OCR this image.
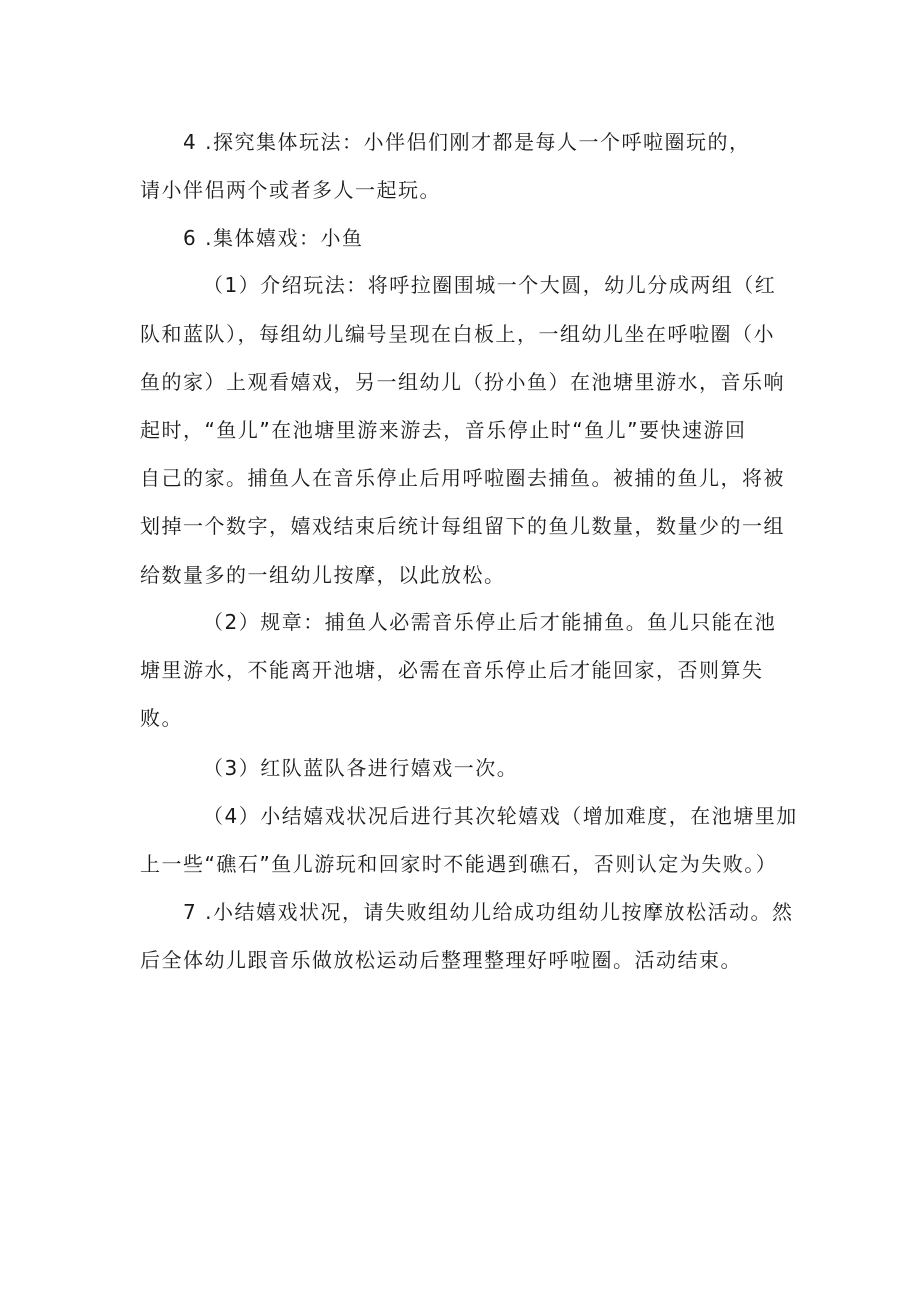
4 .探究集体玩法：小伴侣们刚才都是每人一个呼啦圈玩的，
请小伴侣两个或者多人一起玩。
6 .集体嬉戏：小鱼
（1）介绍玩法：将呼拉圈围城一个大圆，幼儿分成两组（红
队和蓝队），每组幼儿编号呈现在白板上，一组幼儿坐在呼啦圈（小
鱼的家）上观看嬉戏，另一组幼儿（扮小鱼）在池塘里游水，音乐响
起时，“鱼儿”在池塘里游来游去，音乐停止时“鱼儿”要快速游回
自己的家。捕鱼人在音乐停止后用呼啦圈去捕鱼。被捕的鱼儿，将被
划掉一个数字，嬉戏结束后统计每组留下的鱼儿数量，数量少的一组
给数量多的一组幼儿按摩，以此放松。
（2）规章：捕鱼人必需音乐停止后才能捕鱼。鱼儿只能在池
塘里游水，不能离开池塘，必需在音乐停止后才能回家，否则算失
败。
（3）红队蓝队各进行嬉戏一次。
（4）小结嬉戏状况后进行其次轮嬉戏（增加难度，在池塘里加
上一些“礁石”鱼儿游玩和回家时不能遇到礁石，否则认定为失败。）
7 .小结嬉戏状况，请失败组幼儿给成功组幼儿按摩放松活动。然
后全体幼儿跟音乐做放松运动后整理整理好呼啦圈。活动结束。
